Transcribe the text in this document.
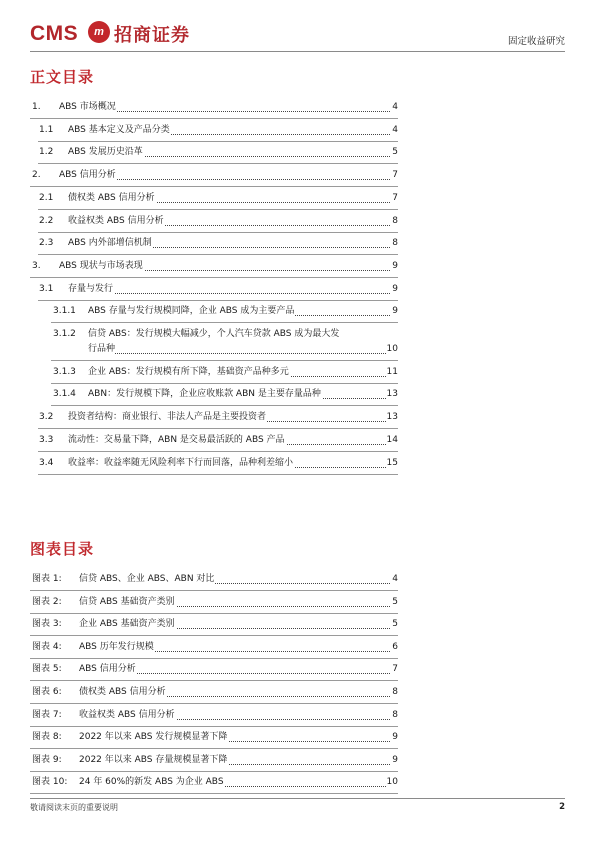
CMS	m 招商证券	固定收益研究
正文目录
1. ABS 市场概况	4
1.1 ABS 基本定义及产品分类	4
1.2 ABS 发展历史沿革	5
2. ABS 信用分析	7
2.1 债权类 ABS 信用分析	7
2.2 收益权类 ABS 信用分析	8
2.3 ABS 内外部增信机制	8
3. ABS 现状与市场表现	9
3.1 存量与发行	9
3.1.1 ABS 存量与发行规模同降，企业 ABS 成为主要产品	9
3.1.2 信贷 ABS：发行规模大幅减少，个人汽车贷款 ABS 成为最大发
行品种	10
3.1.3 企业 ABS：发行规模有所下降，基础资产品种多元	11
3.1.4 ABN：发行规模下降，企业应收账款 ABN 是主要存量品种	13
3.2 投资者结构：商业银行、非法人产品是主要投资者	13
3.3 流动性：交易量下降，ABN 是交易最活跃的 ABS 产品	14
3.4 收益率：收益率随无风险利率下行而回落，品种利差缩小	15
图表目录
图表 1: 信贷 ABS、企业 ABS、ABN 对比	4
图表 2: 信贷 ABS 基础资产类别	5
图表 3: 企业 ABS 基础资产类别	5
图表 4: ABS 历年发行规模	6
图表 5: ABS 信用分析	7
图表 6: 债权类 ABS 信用分析	8
图表 7: 收益权类 ABS 信用分析	8
图表 8: 2022 年以来 ABS 发行规模显著下降	9
图表 9: 2022 年以来 ABS 存量规模显著下降	9
图表 10: 24 年 60%的新发 ABS 为企业 ABS	10
敬请阅读末页的重要说明	2
